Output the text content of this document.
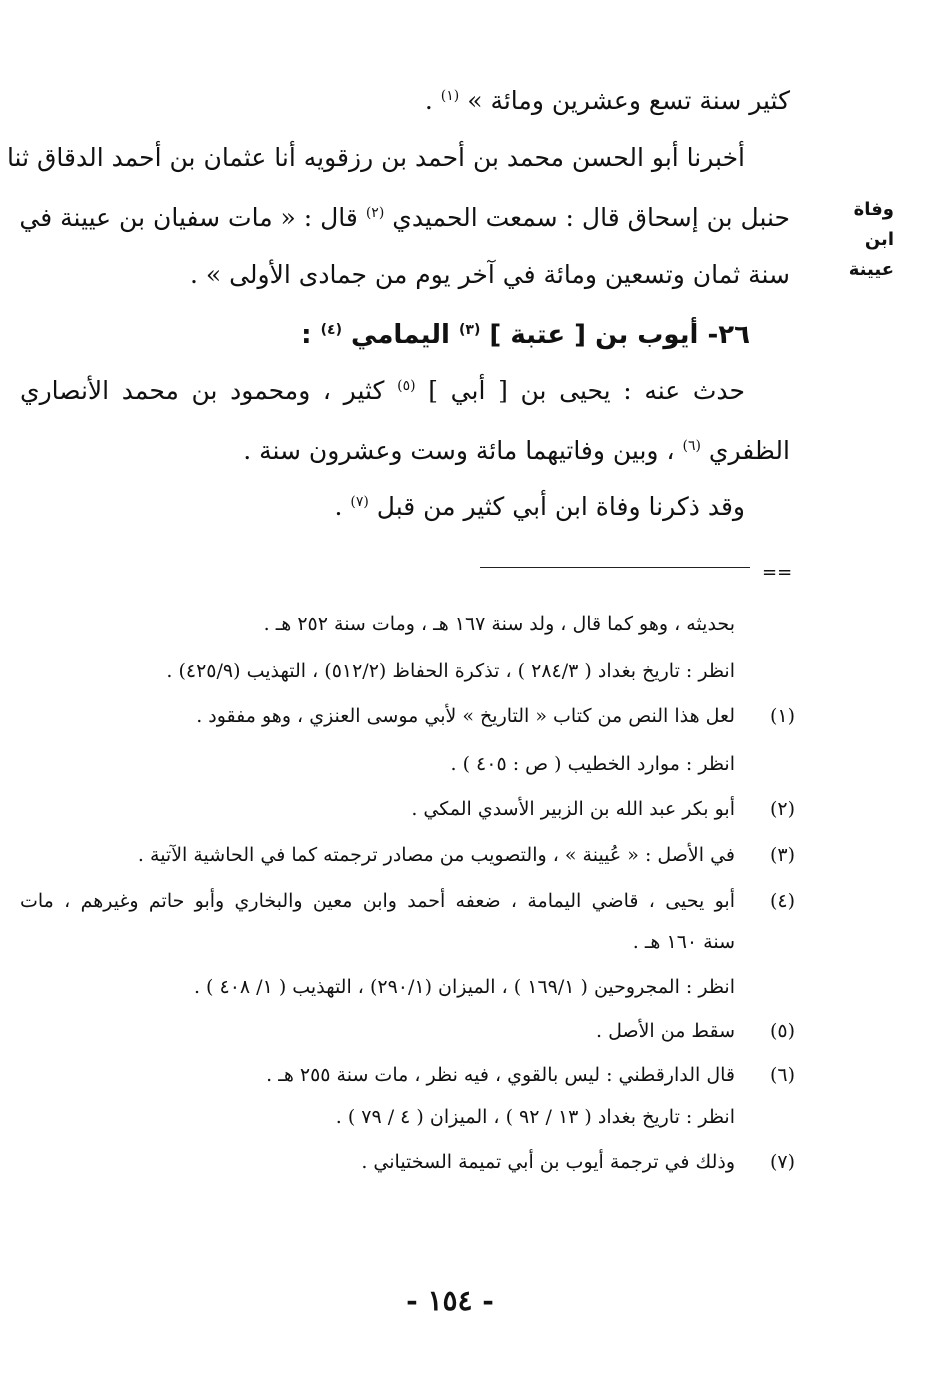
كثير سنة تسع وعشرين ومائة » $^{(١)}$ .
أخبرنا أبو الحسن محمد بن أحمد بن رزقويه أنا عثمان بن أحمد الدقاق ثنا
حنبل بن إسحاق قال : سمعت الحميدي $^{(٢)}$ قال : « مات سفيان بن عيينة في
سنة ثمان وتسعين ومائة في آخر يوم من جمادى الأولى » .
وفاة ابن
عيينة
٢٦- أيوب بن [ عتبة ] $^{(٣)}$ اليمامي $^{(٤)}$ :
حدث عنه : يحيى بن [ أبي ] $^{(٥)}$ كثير ، ومحمود بن محمد الأنصاري
الظفري $^{(٦)}$ ، وبين وفاتيهما مائة وست وعشرون سنة .
وقد ذكرنا وفاة ابن أبي كثير من قبل $^{(٧)}$ .
==
بحديثه ، وهو كما قال ، ولد سنة ١٦٧ هـ ، ومات سنة ٢٥٢ هـ .
انظر : تاريخ بغداد ( ٢٨٤/٣ ) ، تذكرة الحفاظ (٥١٢/٢) ، التهذيب (٤٢٥/٩) .
لعل هذا النص من كتاب « التاريخ » لأبي موسى العنزي ، وهو مفقود . (١)
انظر : موارد الخطيب ( ص : ٤٠٥ ) .
أبو بكر عبد الله بن الزبير الأسدي المكي . (٢)
في الأصل : « عُيينة » ، والتصويب من مصادر ترجمته كما في الحاشية الآتية . (٣)
أبو يحيى ، قاضي اليمامة ، ضعفه أحمد وابن معين والبخاري وأبو حاتم وغيرهم ، مات (٤)
سنة ١٦٠ هـ .
انظر : المجروحين ( ١٦٩/١ ) ، الميزان (٢٩٠/١) ، التهذيب ( ١/ ٤٠٨ ) .
سقط من الأصل . (٥)
قال الدارقطني : ليس بالقوي ، فيه نظر ، مات سنة ٢٥٥ هـ . (٦)
انظر : تاريخ بغداد ( ١٣ / ٩٢ ) ، الميزان ( ٤ / ٧٩ ) .
وذلك في ترجمة أيوب بن أبي تميمة السختياني . (٧)
- ١٥٤ -
